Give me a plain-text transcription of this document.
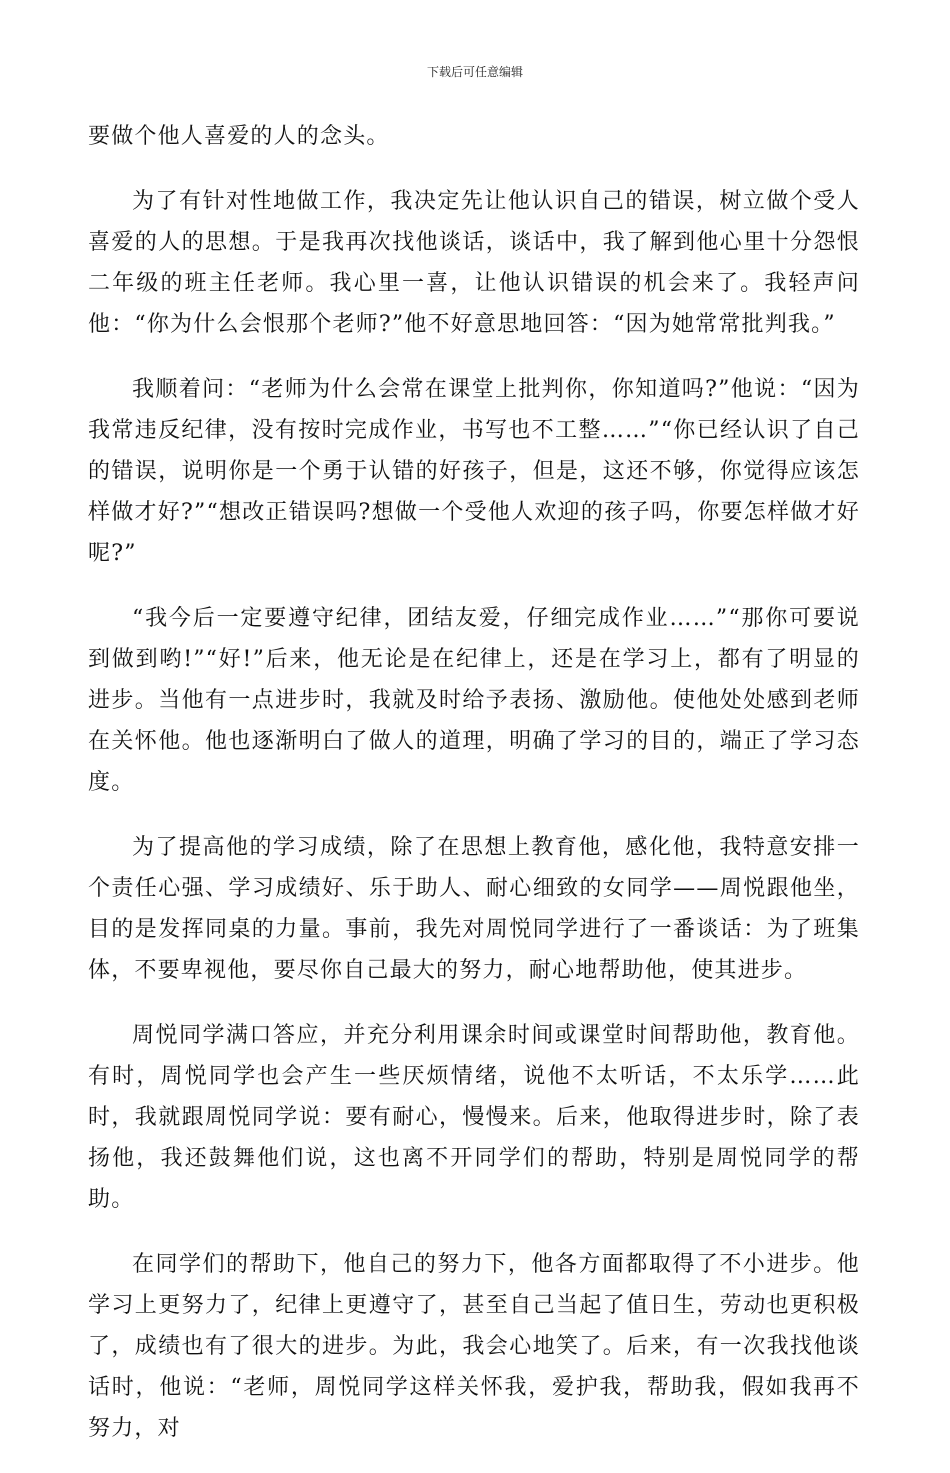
下载后可任意编辑

要做个他人喜爱的人的念头。

为了有针对性地做工作，我决定先让他认识自己的错误，树立做个受人喜爱的人的思想。于是我再次找他谈话，谈话中，我了解到他心里十分怨恨二年级的班主任老师。我心里一喜，让他认识错误的机会来了。我轻声问他：“你为什么会恨那个老师?”他不好意思地回答：“因为她常常批判我。”

我顺着问：“老师为什么会常在课堂上批判你，你知道吗?”他说：“因为我常违反纪律，没有按时完成作业，书写也不工整……”“你已经认识了自己的错误，说明你是一个勇于认错的好孩子，但是，这还不够，你觉得应该怎样做才好?”“想改正错误吗?想做一个受他人欢迎的孩子吗，你要怎样做才好呢?”

“我今后一定要遵守纪律，团结友爱，仔细完成作业……”“那你可要说到做到哟!”“好!”后来，他无论是在纪律上，还是在学习上，都有了明显的进步。当他有一点进步时，我就及时给予表扬、激励他。使他处处感到老师在关怀他。他也逐渐明白了做人的道理，明确了学习的目的，端正了学习态度。

为了提高他的学习成绩，除了在思想上教育他，感化他，我特意安排一个责任心强、学习成绩好、乐于助人、耐心细致的女同学——周悦跟他坐，目的是发挥同桌的力量。事前，我先对周悦同学进行了一番谈话：为了班集体，不要卑视他，要尽你自己最大的努力，耐心地帮助他，使其进步。

周悦同学满口答应，并充分利用课余时间或课堂时间帮助他，教育他。有时，周悦同学也会产生一些厌烦情绪，说他不太听话，不太乐学……此时，我就跟周悦同学说：要有耐心，慢慢来。后来，他取得进步时，除了表扬他，我还鼓舞他们说，这也离不开同学们的帮助，特别是周悦同学的帮助。

在同学们的帮助下，他自己的努力下，他各方面都取得了不小进步。他学习上更努力了，纪律上更遵守了，甚至自己当起了值日生，劳动也更积极了，成绩也有了很大的进步。为此，我会心地笑了。后来，有一次我找他谈话时，他说：“老师，周悦同学这样关怀我，爱护我，帮助我，假如我再不努力，对
